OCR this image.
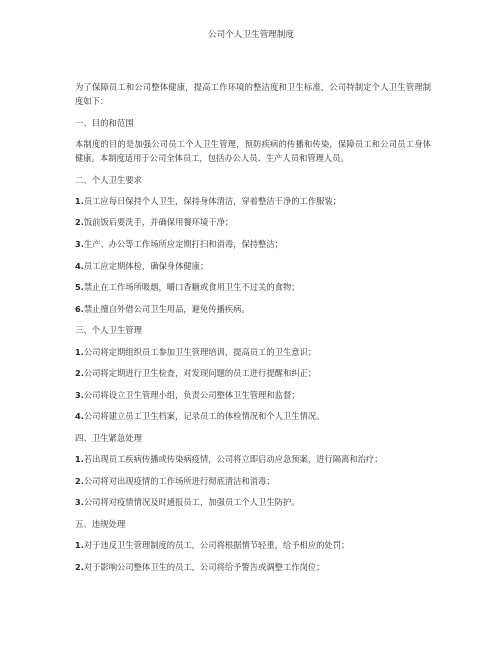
公司个人卫生管理制度
为了保障员工和公司整体健康，提高工作环境的整洁度和卫生标准，公司特制定个人卫生管理制度如下：
一、目的和范围
本制度的目的是加强公司员工个人卫生管理，预防疾病的传播和传染，保障员工和公司员工身体健康。本制度适用于公司全体员工，包括办公人员、生产人员和管理人员。
二、个人卫生要求
1.员工应每日保持个人卫生，保持身体清洁，穿着整洁干净的工作服装；
2.饭前饭后要洗手，并确保用餐环境干净；
3.生产、办公等工作场所应定期打扫和消毒，保持整洁；
4.员工应定期体检，确保身体健康；
5.禁止在工作场所吸烟，嚼口香糖或食用卫生不过关的食物；
6.禁止擅自外借公司卫生用品，避免传播疾病。
三、个人卫生管理
1.公司将定期组织员工参加卫生管理培训，提高员工的卫生意识；
2.公司将定期进行卫生检查，对发现问题的员工进行提醒和纠正；
3.公司将设立卫生管理小组，负责公司整体卫生管理和监督；
4.公司将建立员工卫生档案，记录员工的体检情况和个人卫生情况。
四、卫生紧急处理
1.若出现员工疾病传播或传染病疫情，公司将立即启动应急预案，进行隔离和治疗；
2.公司将对出现疫情的工作场所进行彻底清洁和消毒；
3.公司将对疫情情况及时通报员工，加强员工个人卫生防护。
五、违规处理
1.对于违反卫生管理制度的员工，公司将根据情节轻重，给予相应的处罚；
2.对于影响公司整体卫生的员工，公司将给予警告或调整工作岗位；
